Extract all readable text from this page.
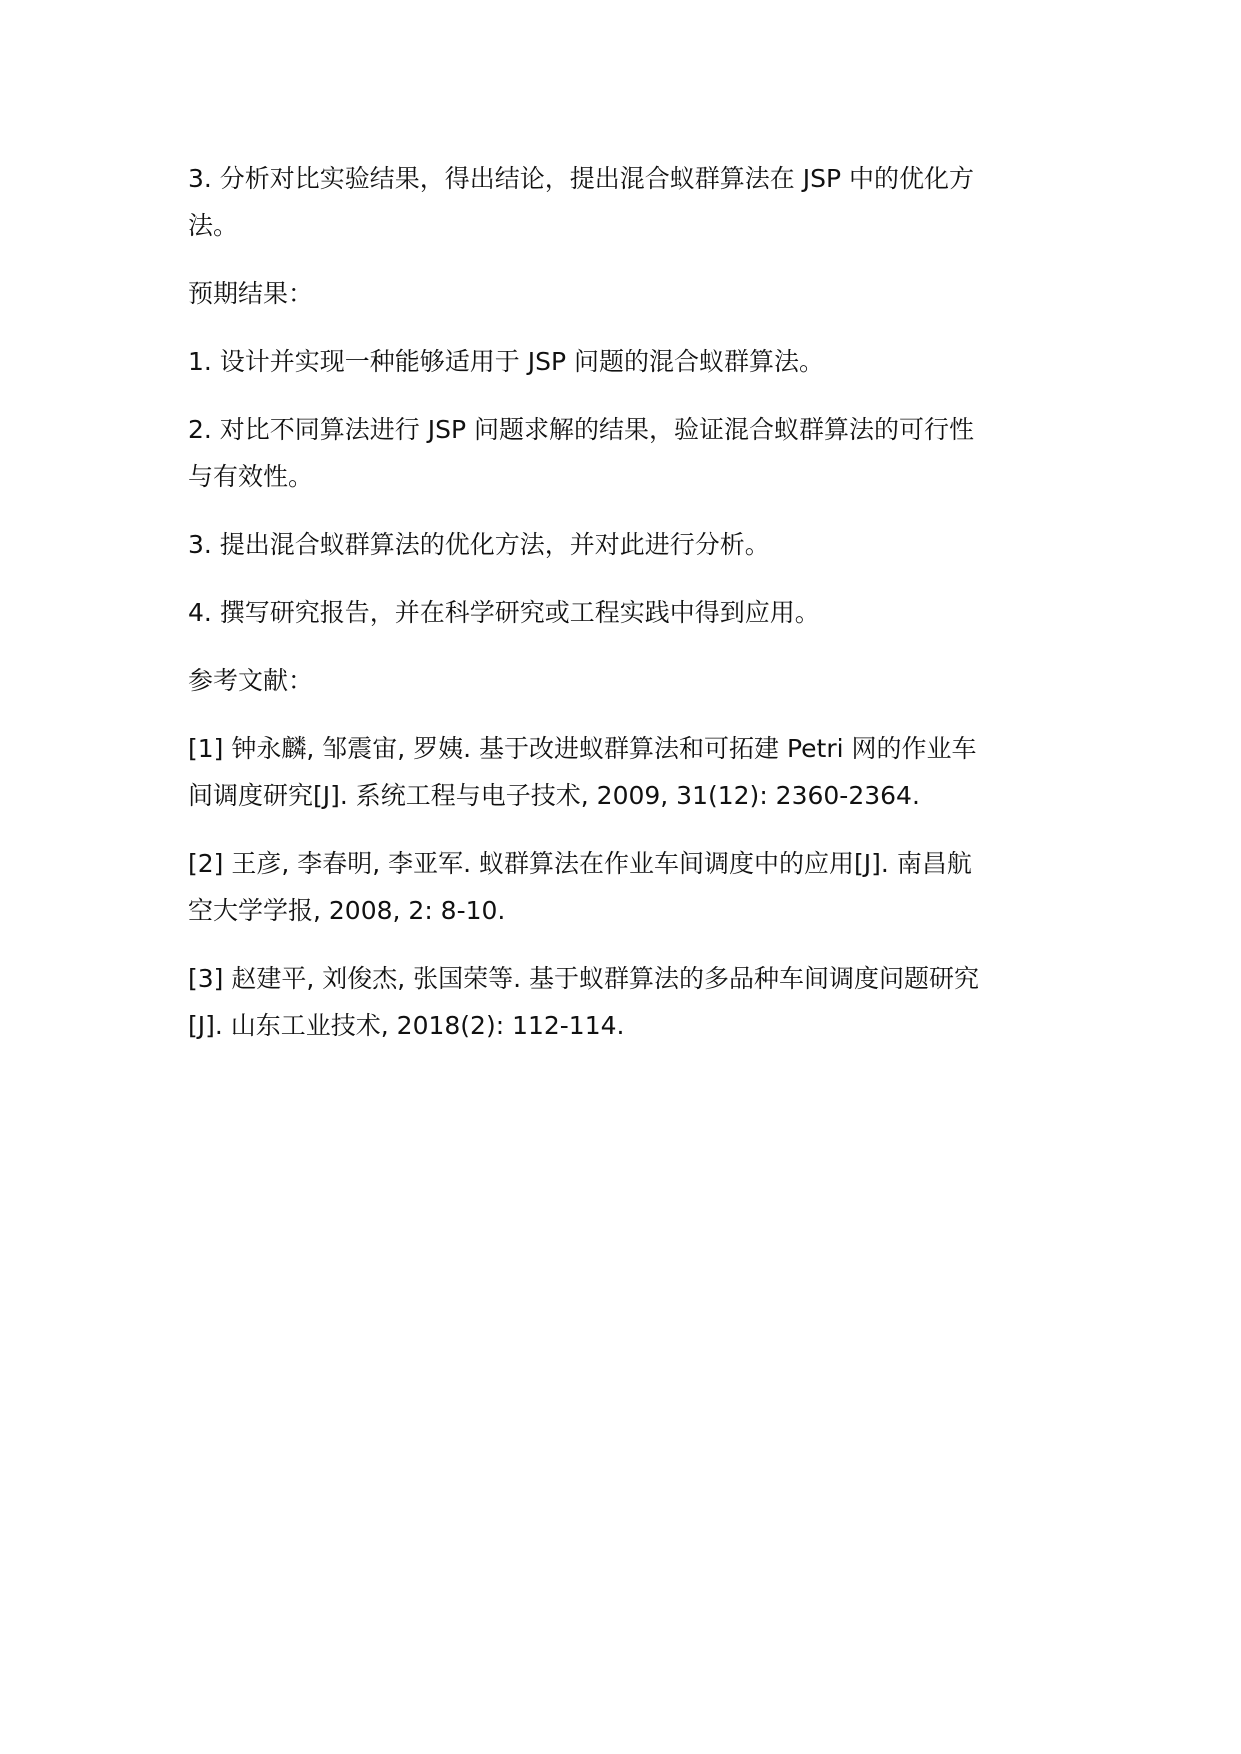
3. 分析对比实验结果，得出结论，提出混合蚁群算法在 JSP 中的优化方
法。

预期结果：

1. 设计并实现一种能够适用于 JSP 问题的混合蚁群算法。

2. 对比不同算法进行 JSP 问题求解的结果，验证混合蚁群算法的可行性
与有效性。

3. 提出混合蚁群算法的优化方法，并对此进行分析。

4. 撰写研究报告，并在科学研究或工程实践中得到应用。

参考文献：

[1] 钟永麟, 邹震宙, 罗姨. 基于改进蚁群算法和可拓建 Petri 网的作业车
间调度研究[J]. 系统工程与电子技术, 2009, 31(12): 2360-2364.

[2] 王彦, 李春明, 李亚军. 蚁群算法在作业车间调度中的应用[J]. 南昌航
空大学学报, 2008, 2: 8-10.

[3] 赵建平, 刘俊杰, 张国荣等. 基于蚁群算法的多品种车间调度问题研究
[J]. 山东工业技术, 2018(2): 112-114.
